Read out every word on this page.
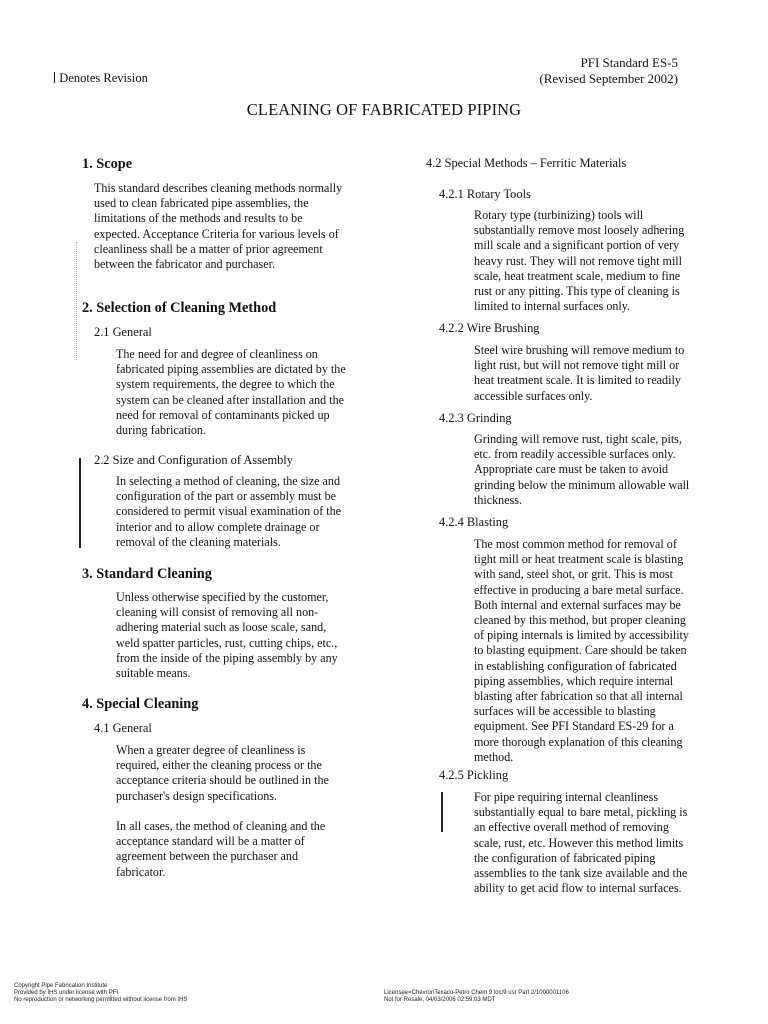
PFI Standard ES-5
(Revised September 2002)
Denotes Revision
CLEANING OF FABRICATED PIPING
1. Scope
This standard describes cleaning methods normally
used to clean fabricated pipe assemblies, the
limitations of the methods and results to be
expected. Acceptance Criteria for various levels of
cleanliness shall be a matter of prior agreement
between the fabricator and purchaser.
2. Selection of Cleaning Method
2.1 General
The need for and degree of cleanliness on
fabricated piping assemblies are dictated by the
system requirements, the degree to which the
system can be cleaned after installation and the
need for removal of contaminants picked up
during fabrication.
2.2 Size and Configuration of Assembly
In selecting a method of cleaning, the size and
configuration of the part or assembly must be
considered to permit visual examination of the
interior and to allow complete drainage or
removal of the cleaning materials.
3. Standard Cleaning
Unless otherwise specified by the customer,
cleaning will consist of removing all non-
adhering material such as loose scale, sand,
weld spatter particles, rust, cutting chips, etc.,
from the inside of the piping assembly by any
suitable means.
4. Special Cleaning
4.1 General
When a greater degree of cleanliness is
required, either the cleaning process or the
acceptance criteria should be outlined in the
purchaser's design specifications.
In all cases, the method of cleaning and the
acceptance standard will be a matter of
agreement between the purchaser and
fabricator.
4.2 Special Methods – Ferritic Materials
4.2.1 Rotary Tools
Rotary type (turbinizing) tools will
substantially remove most loosely adhering
mill scale and a significant portion of very
heavy rust. They will not remove tight mill
scale, heat treatment scale, medium to fine
rust or any pitting. This type of cleaning is
limited to internal surfaces only.
4.2.2 Wire Brushing
Steel wire brushing will remove medium to
light rust, but will not remove tight mill or
heat treatment scale. It is limited to readily
accessible surfaces only.
4.2.3 Grinding
Grinding will remove rust, tight scale, pits,
etc. from readily accessible surfaces only.
Appropriate care must be taken to avoid
grinding below the minimum allowable wall
thickness.
4.2.4 Blasting
The most common method for removal of
tight mill or heat treatment scale is blasting
with sand, steel shot, or grit. This is most
effective in producing a bare metal surface.
Both internal and external surfaces may be
cleaned by this method, but proper cleaning
of piping internals is limited by accessibility
to blasting equipment. Care should be taken
in establishing configuration of fabricated
piping assemblies, which require internal
blasting after fabrication so that all internal
surfaces will be accessible to blasting
equipment. See PFI Standard ES-29 for a
more thorough explanation of this cleaning
method.
4.2.5 Pickling
For pipe requiring internal cleanliness
substantially equal to bare metal, pickling is
an effective overall method of removing
scale, rust, etc. However this method limits
the configuration of fabricated piping
assemblies to the tank size available and the
ability to get acid flow to internal surfaces.
Copyright Pipe Fabrication Institute
Provided by IHS under license with PFI
No reproduction or networking permitted without license from IHS
Licensee=ChevronTexaco-Petro Chem 9 loc/9 usr Part 2/1000001106
Not for Resale, 04/03/2006 02:59:03 MDT
